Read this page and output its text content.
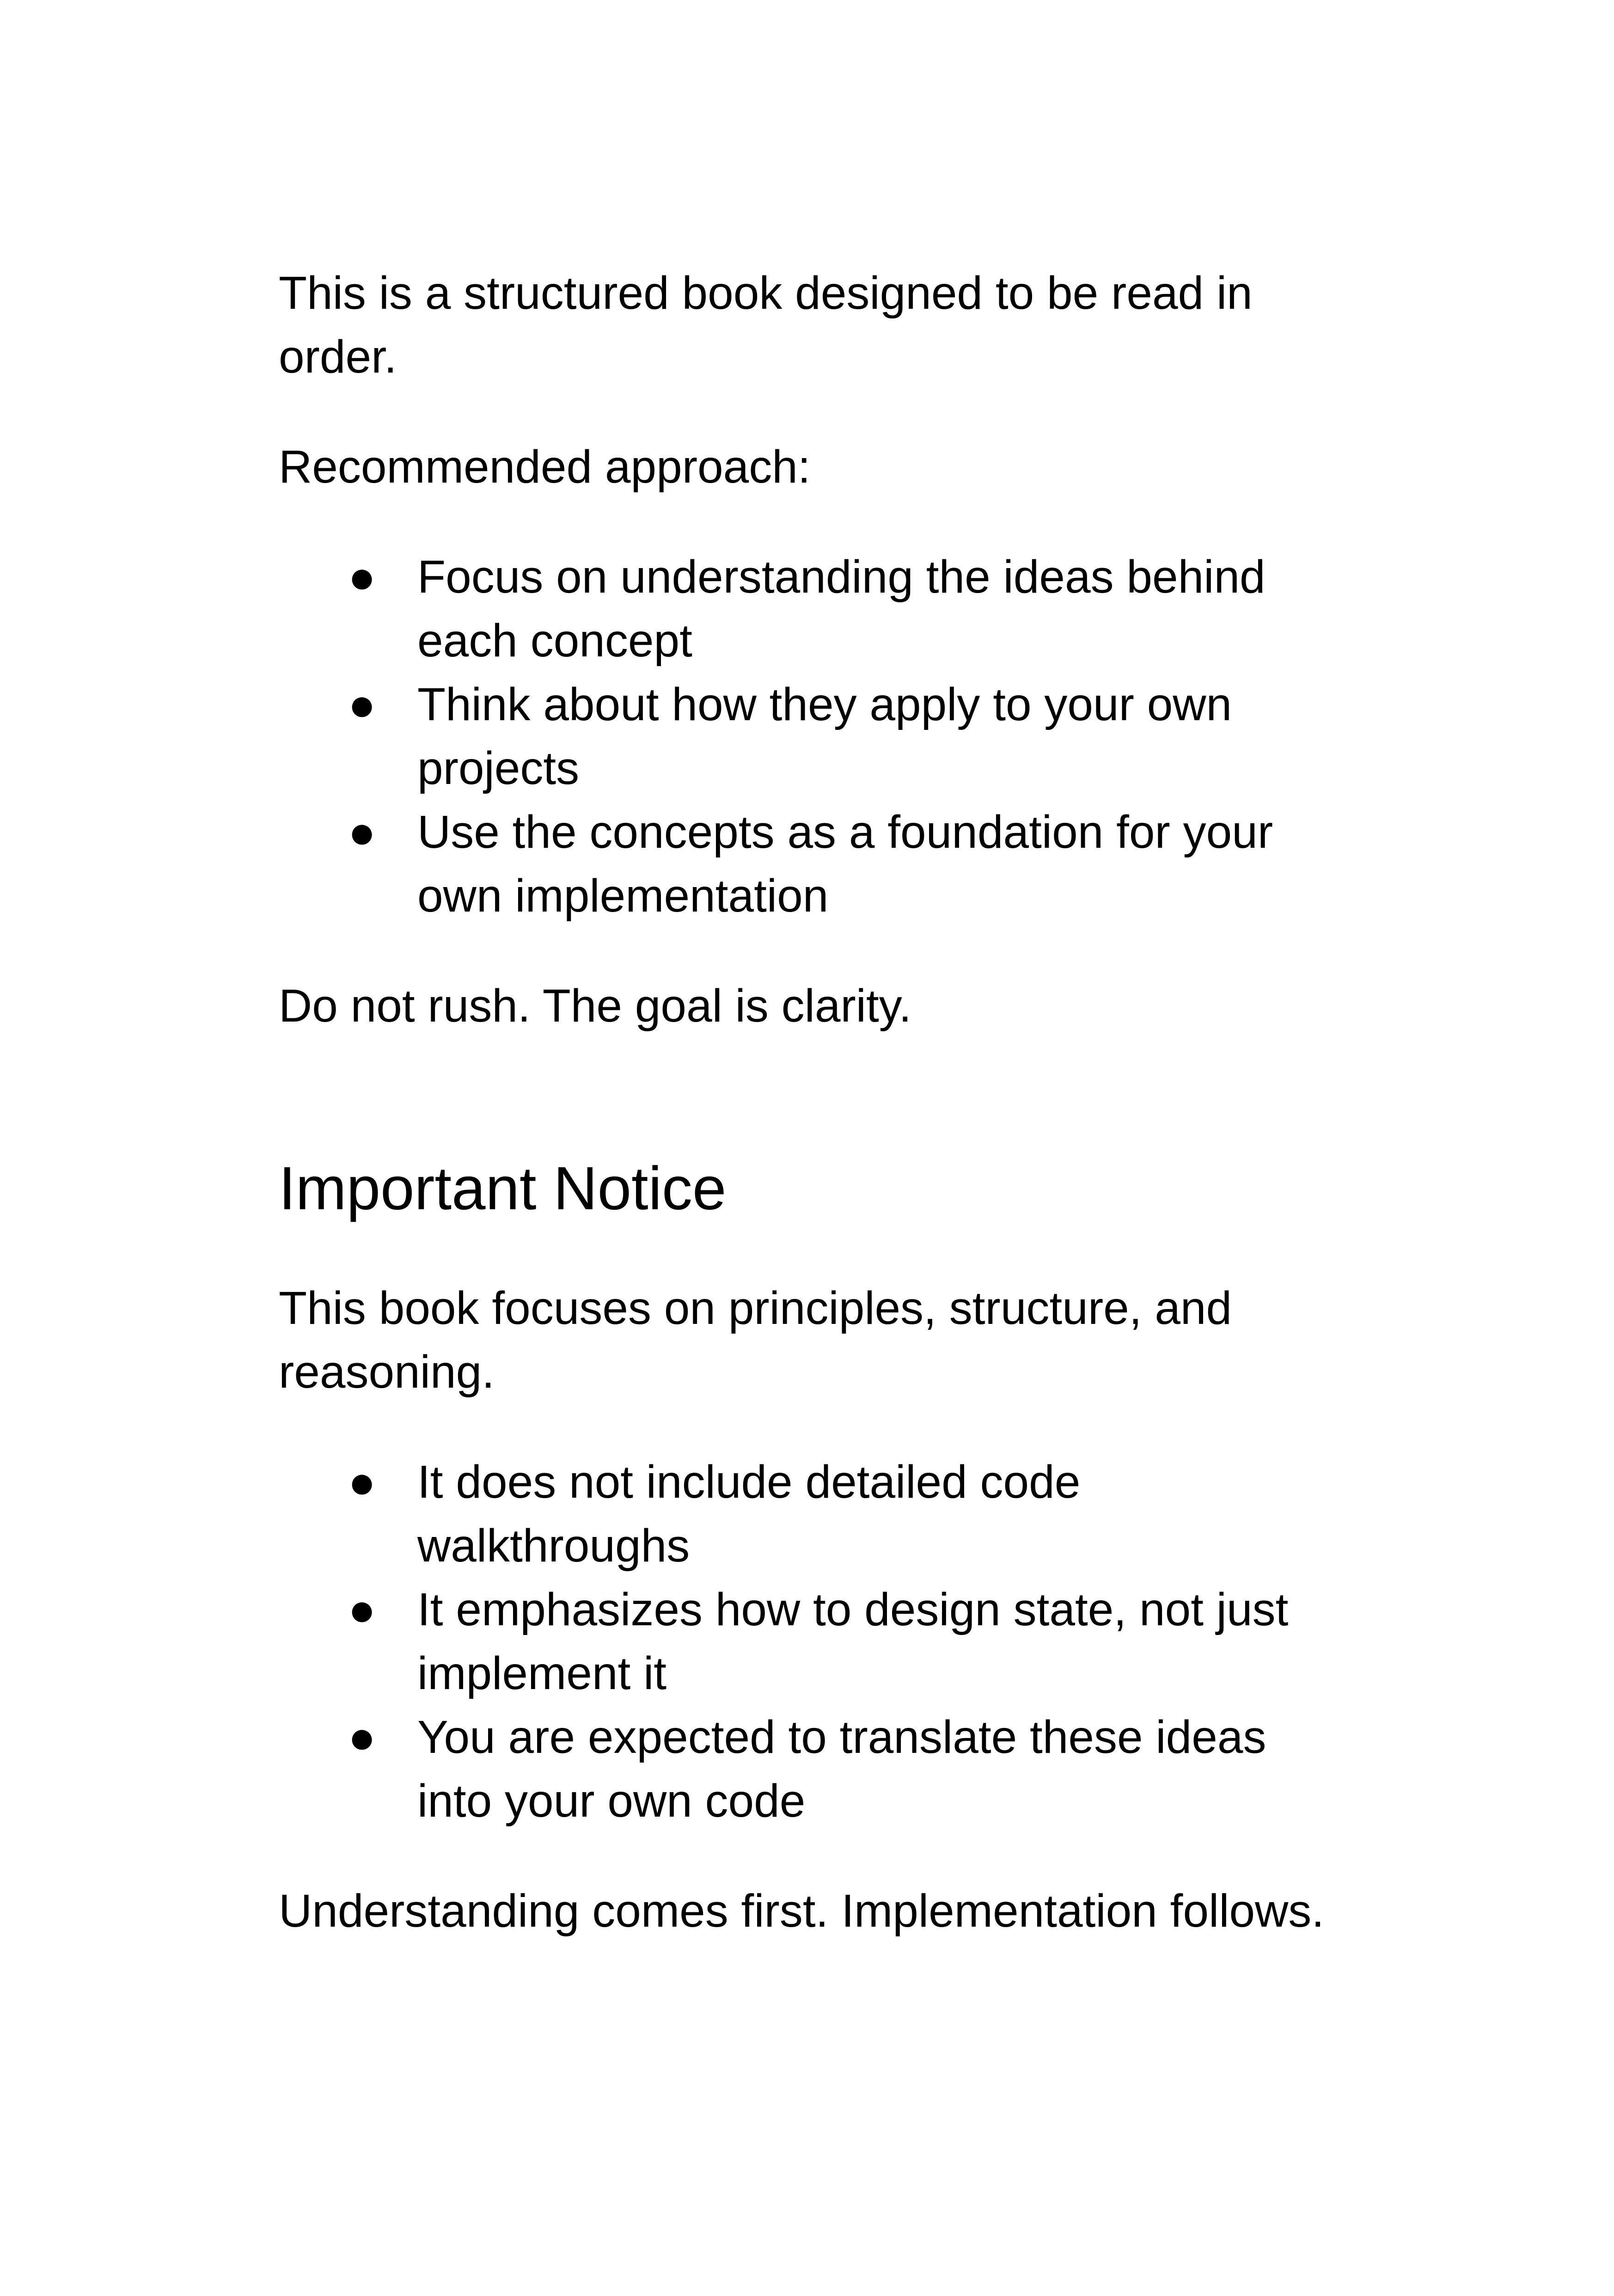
This is a structured book designed to be read in order.

Recommended approach:

● Focus on understanding the ideas behind each concept
● Think about how they apply to your own projects
● Use the concepts as a foundation for your own implementation

Do not rush. The goal is clarity.

Important Notice

This book focuses on principles, structure, and reasoning.

● It does not include detailed code walkthroughs
● It emphasizes how to design state, not just implement it
● You are expected to translate these ideas into your own code

Understanding comes first. Implementation follows.
